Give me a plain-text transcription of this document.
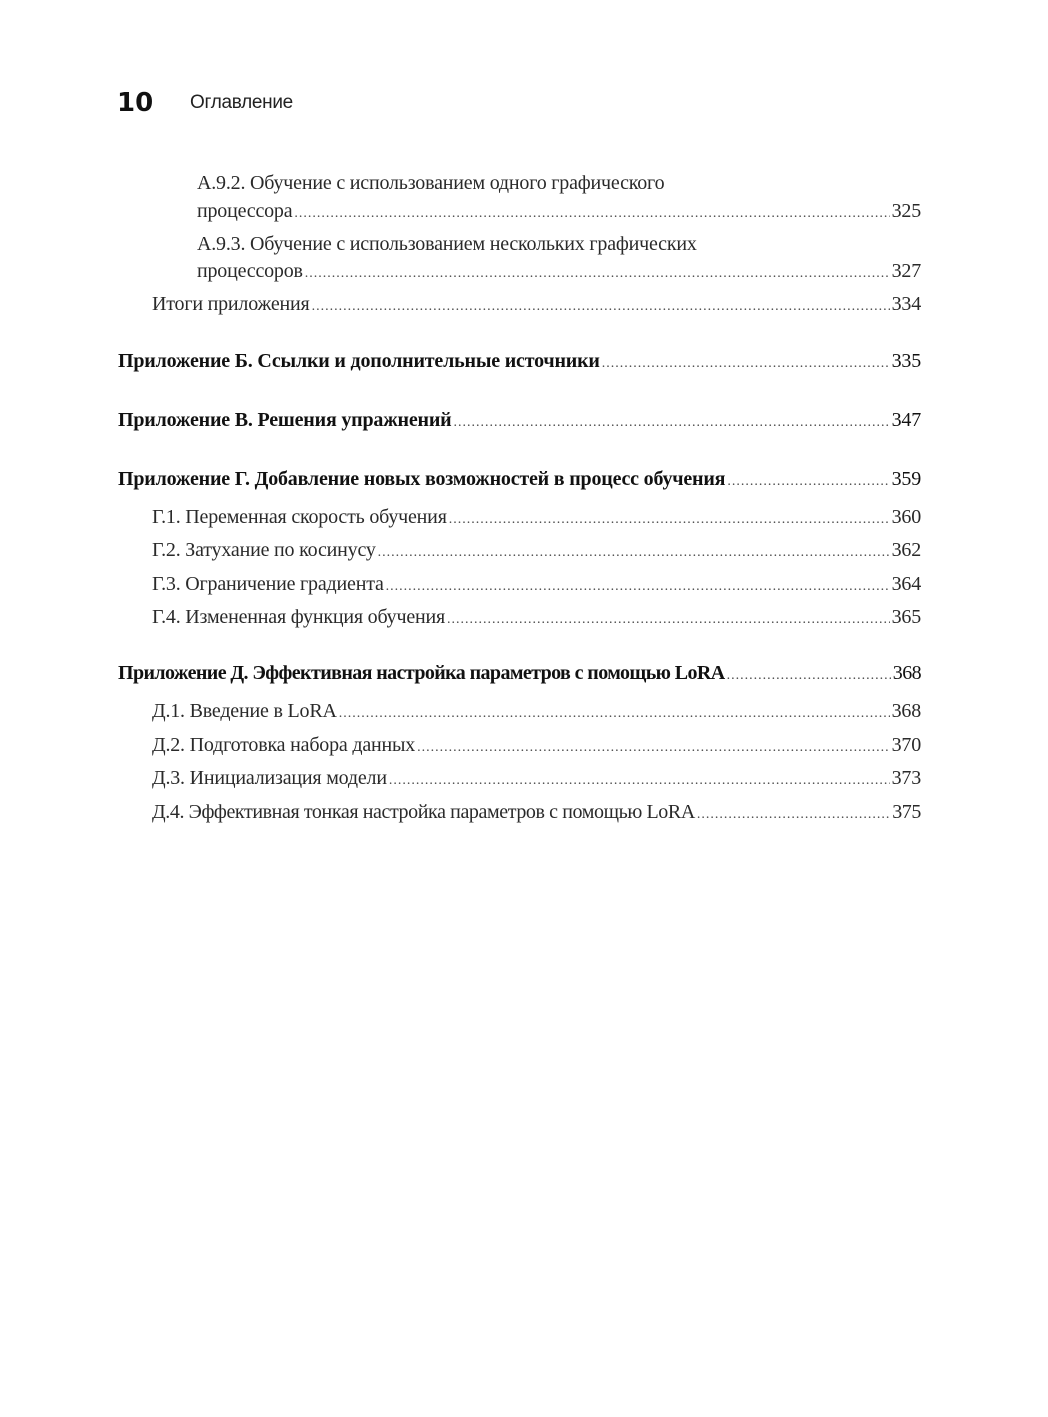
10 Оглавление
А.9.2. Обучение с использованием одного графического
процессора .....	325
А.9.3. Обучение с использованием нескольких графических
процессоров .....	327
Итоги приложения .....	334
Приложение Б. Ссылки и дополнительные источники .....	335
Приложение В. Решения упражнений .....	347
Приложение Г. Добавление новых возможностей в процесс обучения .....	359
Г.1. Переменная скорость обучения .....	360
Г.2. Затухание по косинусу .....	362
Г.3. Ограничение градиента .....	364
Г.4. Измененная функция обучения .....	365
Приложение Д. Эффективная настройка параметров с помощью LoRA .....	368
Д.1. Введение в LoRA .....	368
Д.2. Подготовка набора данных .....	370
Д.3. Инициализация модели .....	373
Д.4. Эффективная тонкая настройка параметров с помощью LoRA .....	375
